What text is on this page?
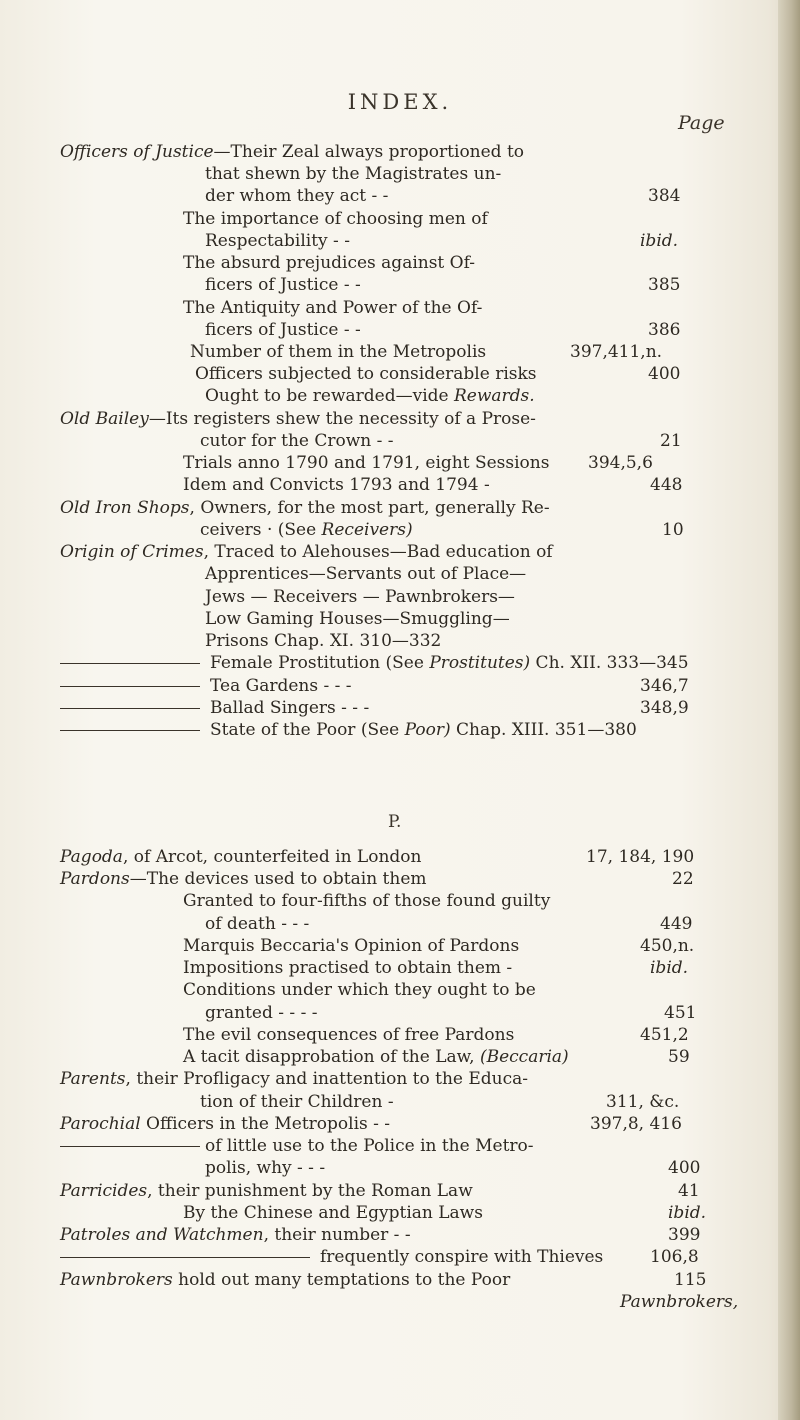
INDEX.
Page
P.
Officers of Justice—Their Zeal always proportioned to
that shewn by the Magistrates un-
der whom they act - -	384
The importance of choosing men of
Respectability - -	ibid.
The absurd prejudices against Of-
ficers of Justice - -	385
The Antiquity and Power of the Of-
ficers of Justice - -	386
Number of them in the Metropolis	397,411,n.
Officers subjected to considerable risks	400
Ought to be rewarded—vide Rewards.
Old Bailey—Its registers shew the necessity of a Prose-
cutor for the Crown - -	21
Trials anno 1790 and 1791, eight Sessions 394,5,6
Idem and Convicts 1793 and 1794 -	448
Old Iron Shops, Owners, for the most part, generally Re-
ceivers · (See Receivers)	10
Origin of Crimes, Traced to Alehouses—Bad education of
Apprentices—Servants out of Place—
Jews — Receivers — Pawnbrokers—
Low Gaming Houses—Smuggling—
Prisons Chap. XI. 310—332
Female Prostitution (See Prostitutes) Ch. XII. 333—345
Tea Gardens - - -	346,7
Ballad Singers - - -	348,9
State of the Poor (See Poor) Chap. XIII. 351—380
Pagoda, of Arcot, counterfeited in London	17, 184, 190
Pardons—The devices used to obtain them	22
Granted to four-fifths of those found guilty
of death - - -	449
Marquis Beccaria's Opinion of Pardons	450,n.
Impositions practised to obtain them -	ibid.
Conditions under which they ought to be
granted - - - -	451
The evil consequences of free Pardons	451,2
A tacit disapprobation of the Law, (Beccaria)	59
Parents, their Profligacy and inattention to the Educa-
tion of their Children -	311, &c.
Parochial Officers in the Metropolis - -	397,8, 416
of little use to the Police in the Metro-
polis, why - - -	400
Parricides, their punishment by the Roman Law	41
By the Chinese and Egyptian Laws	ibid.
Patroles and Watchmen, their number - -	399
frequently conspire with Thieves	106,8
Pawnbrokers hold out many temptations to the Poor	115
Pawnbrokers,
